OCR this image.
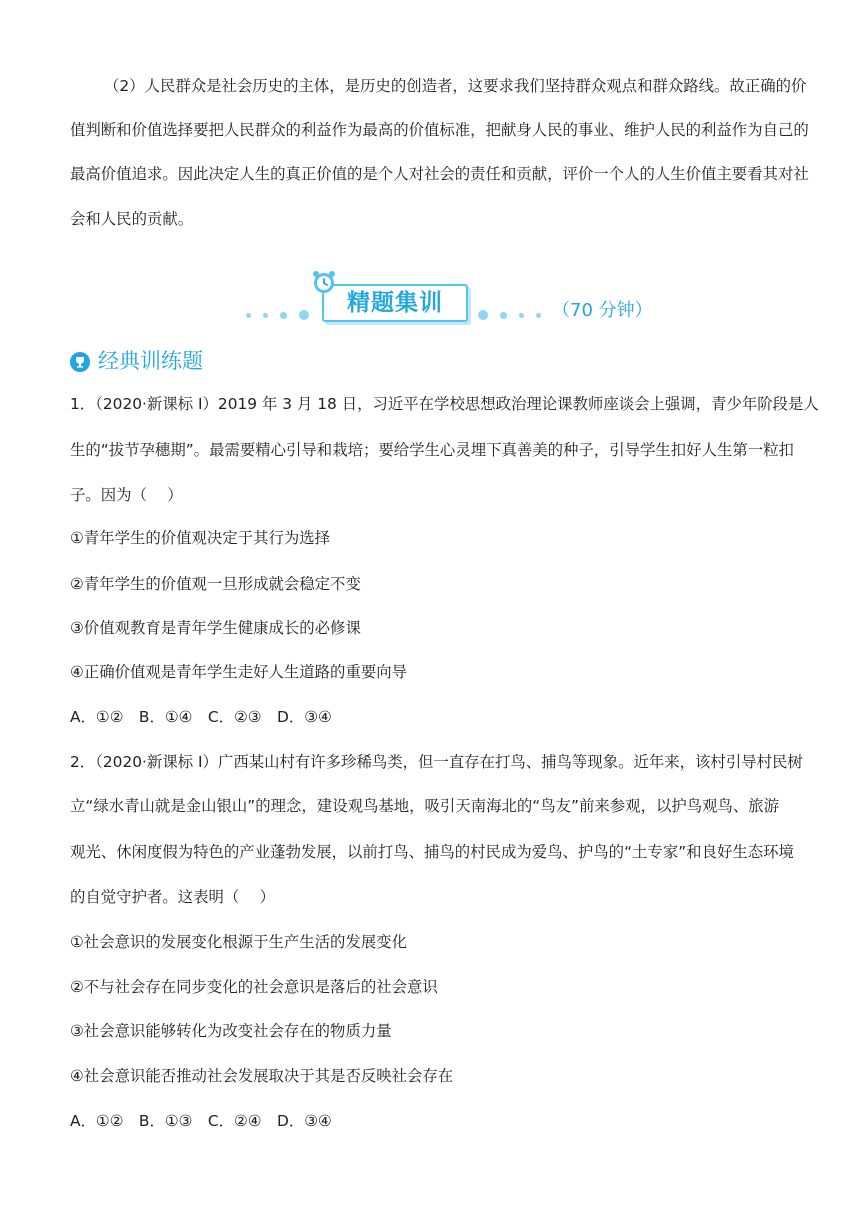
（2）人民群众是社会历史的主体，是历史的创造者，这要求我们坚持群众观点和群众路线。故正确的价
值判断和价值选择要把人民群众的利益作为最高的价值标准，把献身人民的事业、维护人民的利益作为自己的
最高价值追求。因此决定人生的真正价值的是个人对社会的责任和贡献，评价一个人的人生价值主要看其对社
会和人民的贡献。
精题集训	（70 分钟）
经典训练题
1．（2020·新课标 I）2019 年 3 月 18 日，习近平在学校思想政治理论课教师座谈会上强调，青少年阶段是人
生的“拔节孕穗期”。最需要精心引导和栽培；要给学生心灵埋下真善美的种子，引导学生扣好人生第一粒扣
子。因为（　 ）
①青年学生的价值观决定于其行为选择
②青年学生的价值观一旦形成就会稳定不变
③价值观教育是青年学生健康成长的必修课
④正确价值观是青年学生走好人生道路的重要向导
A．①②　B．①④　C．②③　D．③④
2．（2020·新课标 I）广西某山村有许多珍稀鸟类，但一直存在打鸟、捕鸟等现象。近年来，该村引导村民树
立“绿水青山就是金山银山”的理念，建设观鸟基地，吸引天南海北的“鸟友”前来参观，以护鸟观鸟、旅游
观光、休闲度假为特色的产业蓬勃发展，以前打鸟、捕鸟的村民成为爱鸟、护鸟的“土专家”和良好生态环境
的自觉守护者。这表明（　 ）
①社会意识的发展变化根源于生产生活的发展变化
②不与社会存在同步变化的社会意识是落后的社会意识
③社会意识能够转化为改变社会存在的物质力量
④社会意识能否推动社会发展取决于其是否反映社会存在
A．①②　B．①③　C．②④　D．③④
